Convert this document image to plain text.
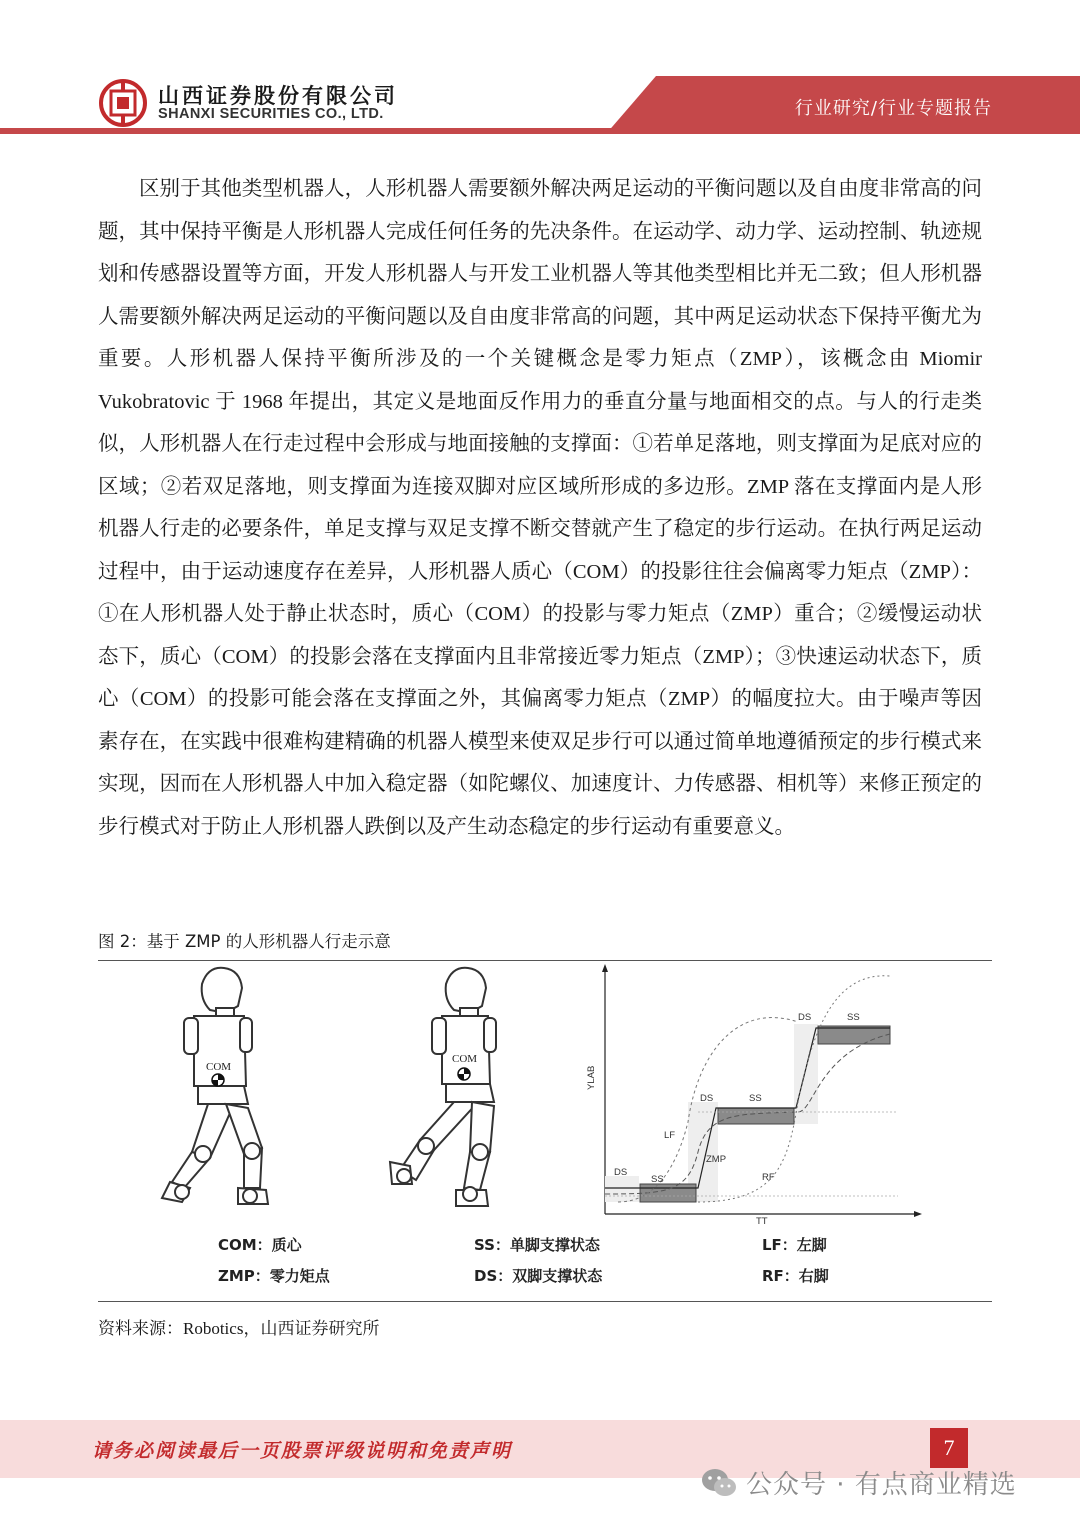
山西证券股份有限公司
SHANXI SECURITIES CO., LTD.	行业研究/行业专题报告

区别于其他类型机器人，人形机器人需要额外解决两足运动的平衡问题以及自由度非常高的问题，其中保持平衡是人形机器人完成任何任务的先决条件。在运动学、动力学、运动控制、轨迹规划和传感器设置等方面，开发人形机器人与开发工业机器人等其他类型相比并无二致；但人形机器人需要额外解决两足运动的平衡问题以及自由度非常高的问题，其中两足运动状态下保持平衡尤为重要。人形机器人保持平衡所涉及的一个关键概念是零力矩点（ZMP），该概念由 Miomir Vukobratovic 于 1968 年提出，其定义是地面反作用力的垂直分量与地面相交的点。与人的行走类似，人形机器人在行走过程中会形成与地面接触的支撑面：①若单足落地，则支撑面为足底对应的区域；②若双足落地，则支撑面为连接双脚对应区域所形成的多边形。ZMP 落在支撑面内是人形机器人行走的必要条件，单足支撑与双足支撑不断交替就产生了稳定的步行运动。在执行两足运动过程中，由于运动速度存在差异，人形机器人质心（COM）的投影往往会偏离零力矩点（ZMP）：①在人形机器人处于静止状态时，质心（COM）的投影与零力矩点（ZMP）重合；②缓慢运动状态下，质心（COM）的投影会落在支撑面内且非常接近零力矩点（ZMP）；③快速运动状态下，质心（COM）的投影可能会落在支撑面之外，其偏离零力矩点（ZMP）的幅度拉大。由于噪声等因素存在，在实践中很难构建精确的机器人模型来使双足步行可以通过简单地遵循预定的步行模式来实现，因而在人形机器人中加入稳定器（如陀螺仪、加速度计、力传感器、相机等）来修正预定的步行模式对于防止人形机器人跌倒以及产生动态稳定的步行运动有重要意义。

图 2：基于 ZMP 的人形机器人行走示意
COM
COM
YLAB
TT
DS
SS
DS	SS
DS	SS
LF
ZMP
RF
COM：质心	SS：单脚支撑状态	LF：左脚
ZMP：零力矩点	DS：双脚支撑状态	RF：右脚
资料来源：Robotics，山西证券研究所
请务必阅读最后一页股票评级说明和免责声明	7
公众号 · 有点商业精选
